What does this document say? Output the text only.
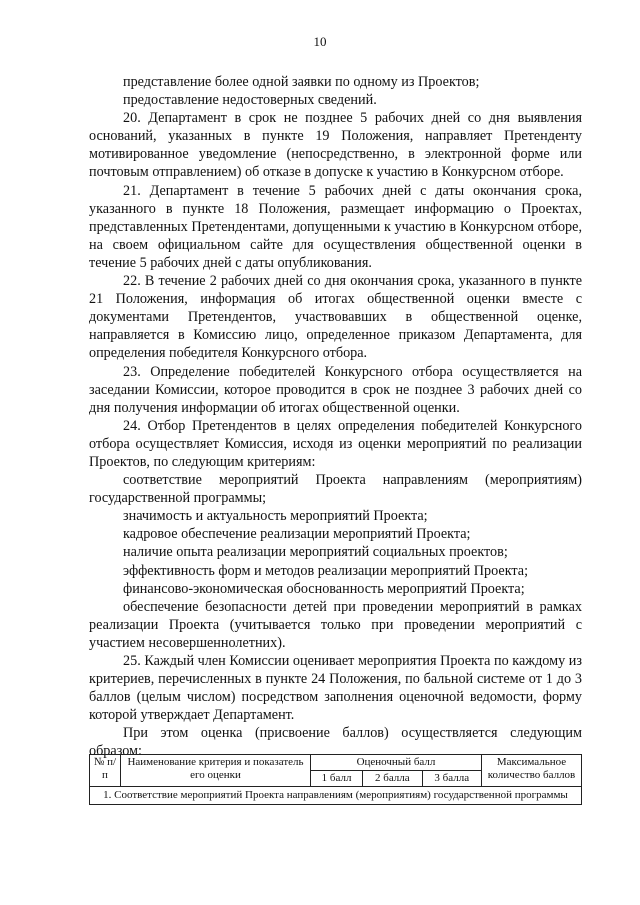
10

представление более одной заявки по одному из Проектов;

предоставление недостоверных сведений.

20. Департамент в срок не позднее 5 рабочих дней со дня выявления оснований, указанных в пункте 19 Положения, направляет Претенденту мотивированное уведомление (непосредственно, в электронной форме или почтовым отправлением) об отказе в допуске к участию в Конкурсном отборе.

21. Департамент в течение 5 рабочих дней с даты окончания срока, указанного в пункте 18 Положения, размещает информацию о Проектах, представленных Претендентами, допущенными к участию в Конкурсном отборе, на своем официальном сайте для осуществления общественной оценки в течение 5 рабочих дней с даты опубликования.

22. В течение 2 рабочих дней со дня окончания срока, указанного в пункте 21 Положения, информация об итогах общественной оценки вместе с документами Претендентов, участвовавших в общественной оценке, направляется в Комиссию лицо, определенное приказом Департамента, для определения победителя Конкурсного отбора.

23. Определение победителей Конкурсного отбора осуществляется на заседании Комиссии, которое проводится в срок не позднее 3 рабочих дней со дня получения информации об итогах общественной оценки.

24. Отбор Претендентов в целях определения победителей Конкурсного отбора осуществляет Комиссия, исходя из оценки мероприятий по реализации Проектов, по следующим критериям:

соответствие мероприятий Проекта направлениям (мероприятиям) государственной программы;

значимость и актуальность мероприятий Проекта;

кадровое обеспечение реализации мероприятий Проекта;

наличие опыта реализации мероприятий социальных проектов;

эффективность форм и методов реализации мероприятий Проекта;

финансово-экономическая обоснованность мероприятий Проекта;

обеспечение безопасности детей при проведении мероприятий в рамках реализации Проекта (учитывается только при проведении мероприятий с участием несовершеннолетних).

25. Каждый член Комиссии оценивает мероприятия Проекта по каждому из критериев, перечисленных в пункте 24 Положения, по бальной системе от 1 до 3 баллов (целым числом) посредством заполнения оценочной ведомости, форму которой утверждает Департамент.

При этом оценка (присвоение баллов) осуществляется следующим образом:

№ п/п	Наименование критерия и показатель его оценки	Оценочный балл			Максимальное количество баллов
		1 балл	2 балла	3 балла	
1. Соответствие мероприятий Проекта направлениям (мероприятиям) государственной программы					
